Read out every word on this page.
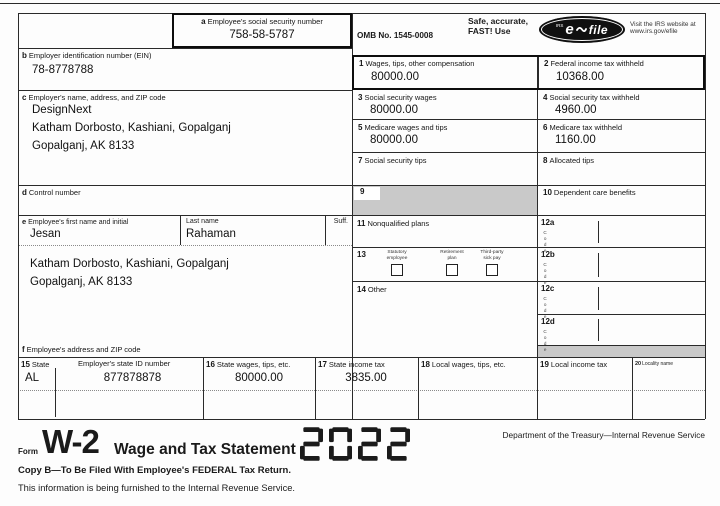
a Employee's social security number
758-58-5787	OMB No. 1545-0008
Safe, accurate,
FAST! Use
IRS e file	Visit the IRS website at
www.irs.gov/efile
b Employer identification number (EIN)
78-8778788
c Employer's name, address, and ZIP code
DesignNext
Katham Dorbosto, Kashiani, Gopalganj
Gopalganj, AK 8133
1 Wages, tips, other compensation
80000.00
2 Federal income tax withheld
10368.00
3 Social security wages
80000.00
4 Social security tax withheld
4960.00
5 Medicare wages and tips
80000.00
6 Medicare tax withheld
1160.00
7 Social security tips	8 Allocated tips
d Control number	9	10 Dependent care benefits
e Employee's first name and initial	Last name	Suff.
Jesan	Rahaman
Katham Dorbosto, Kashiani, Gopalganj
Gopalganj, AK 8133
f Employee's address and ZIP code
11 Nonqualified plans
13	Statutory
employee
Retirement
plan
Third-party
sick pay
14 Other
12a
Code
12b
Code
12c
Code
12d
Code
15 State	Employer's state ID number	16 State wages, tips, etc.	17 State income tax	18 Local wages, tips, etc.	19 Local income tax	20Locality name
AL	877878878	80000.00	3835.00
Form W-2 Wage and Tax Statement
Department of the Treasury—Internal Revenue Service
Copy B—To Be Filed With Employee's FEDERAL Tax Return.
This information is being furnished to the Internal Revenue Service.
